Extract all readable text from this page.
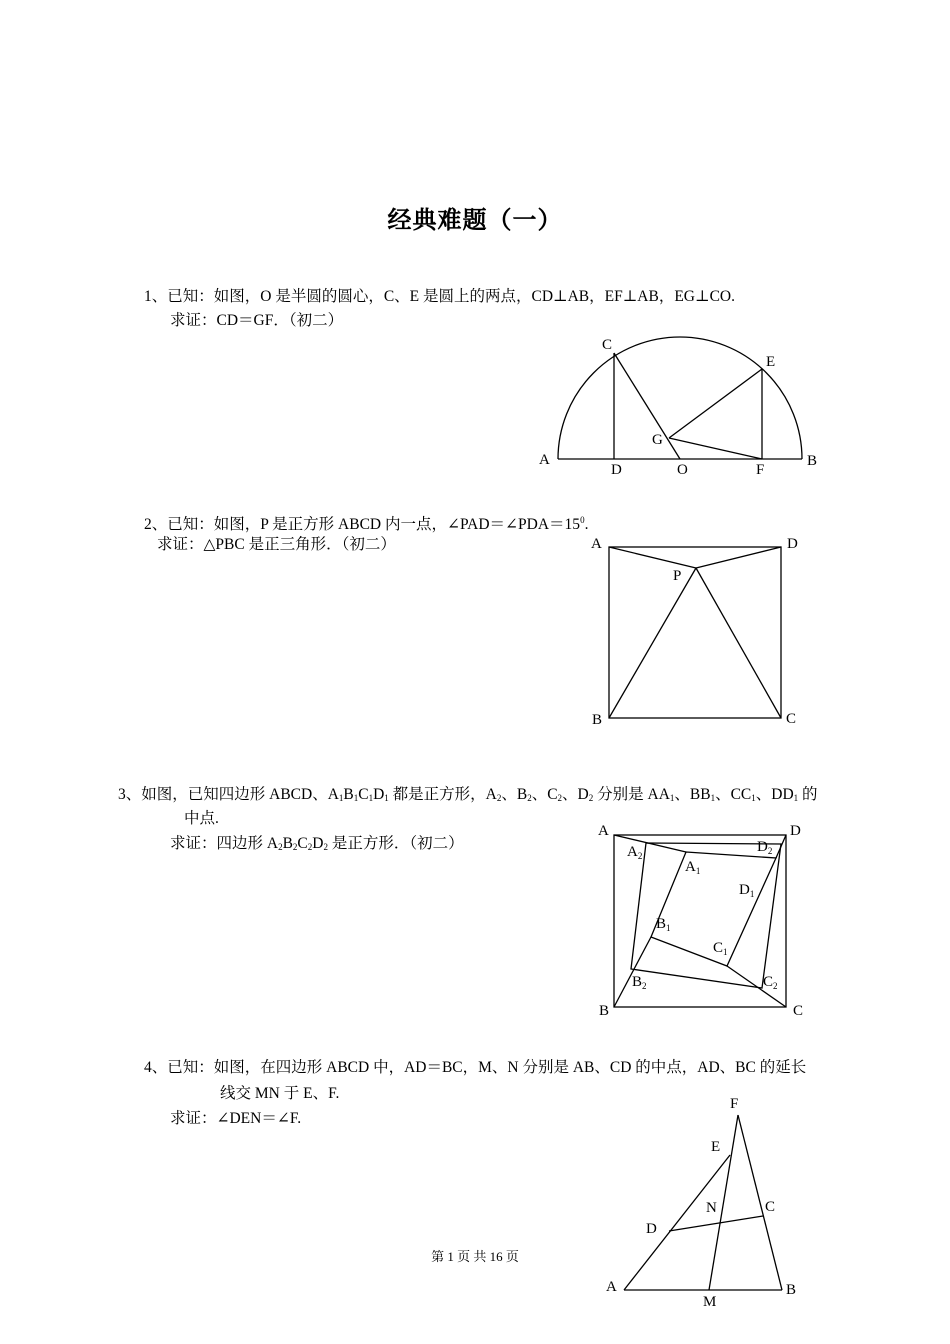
经典难题（一）
1、已知：如图，O 是半圆的圆心，C、E 是圆上的两点，CD⊥AB，EF⊥AB，EG⊥CO.
求证：CD＝GF．（初二）
A	B
C
D
E
F
G
O
2、已知：如图，P 是正方形 ABCD 内一点，$\angle PAD=\angle PDA=15^0$.
求证：△PBC 是正三角形．（初二）	A	D
B	C
P
3、如图，已知四边形 ABCD、$A_1B_1C_1D_1$ 都是正方形，$A_2$、$B_2$、$C_2$、$D_2$ 分别是 $AA_1$、$BB_1$、$CC_1$、$DD_1$ 的
中点.
求证：四边形 $A_2B_2C_2D_2$ 是正方形．（初二）
A	D
B	C
$A_2$
$D_2$
$A_1$
$D_1$
$B_1$
$C_1$
$B_2$	$C_2$
4、已知：如图，在四边形 ABCD 中，AD＝BC，M、N 分别是 AB、CD 的中点，AD、BC 的延长
线交 MN 于 E、F.
求证：∠DEN＝∠F.
F
E
N	C
D
A	B
M
第 1 页 共 16 页
